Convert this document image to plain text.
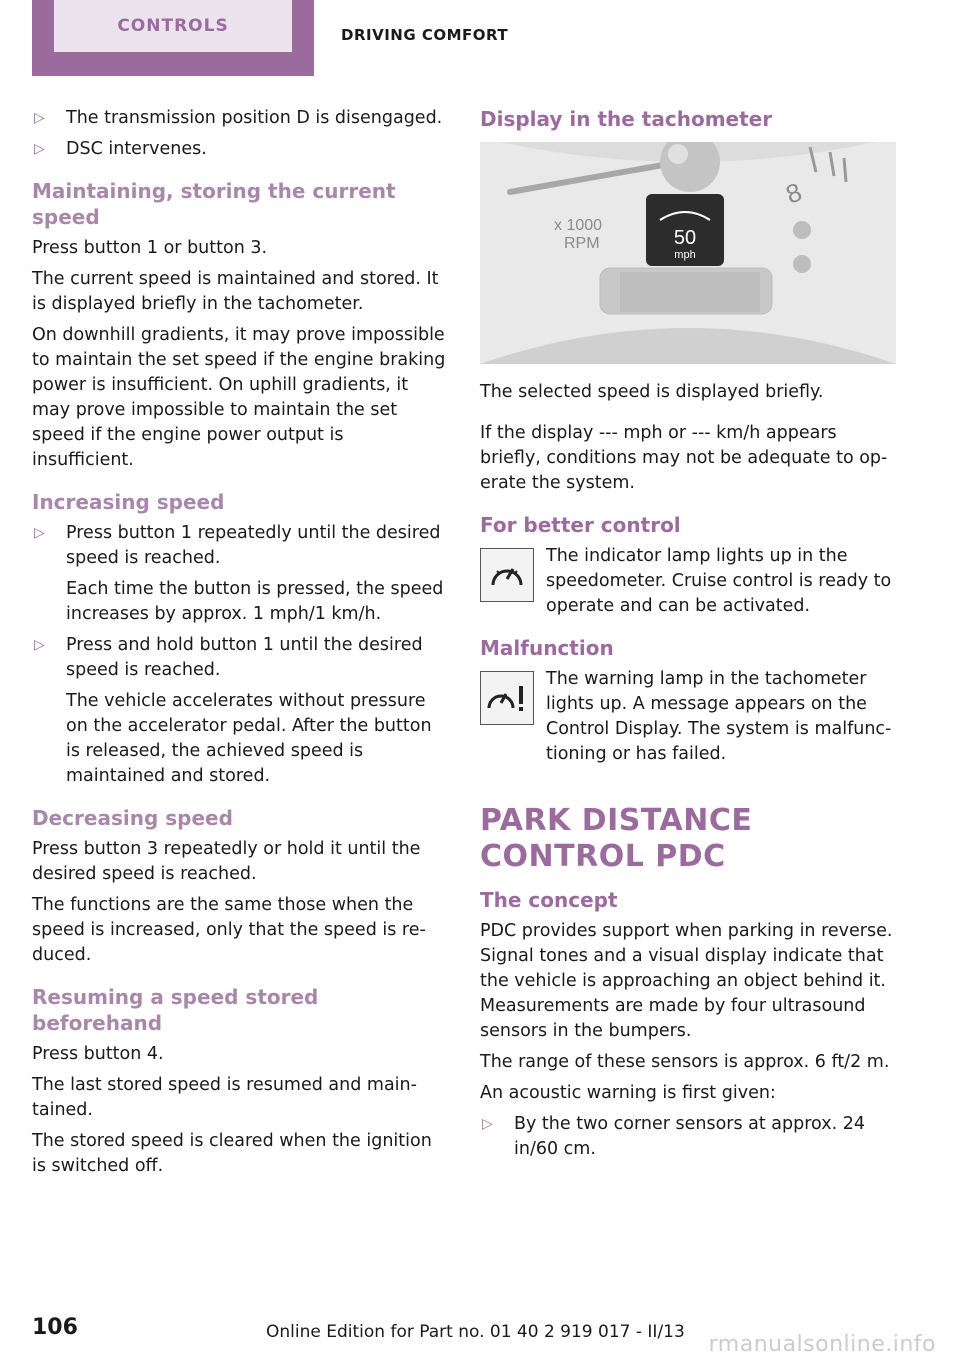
CONTROLS	DRIVING COMFORT
▷ The transmission position D is disengaged.
▷ DSC intervenes.
Maintaining, storing the current speed

Press button 1 or button 3.

The current speed is maintained and stored. It is displayed briefly in the tachometer.

On downhill gradients, it may prove impossible to maintain the set speed if the engine braking power is insufficient. On uphill gradients, it may prove impossible to maintain the set speed if the engine power output is insufficient.

Increasing speed
▷ Press button 1 repeatedly until the desired speed is reached.

Each time the button is pressed, the speed increases by approx. 1 mph/1 km/h.

▷ Press and hold button 1 until the desired speed is reached.

The vehicle accelerates without pressure on the accelerator pedal. After the button is released, the achieved speed is maintained and stored.

Decreasing speed

Press button 3 repeatedly or hold it until the desired speed is reached.

The functions are the same those when the speed is increased, only that the speed is reduced.

Resuming a speed stored beforehand

Press button 4.

The last stored speed is resumed and maintained.

The stored speed is cleared when the ignition is switched off.

Display in the tachometer
8
x 1000
RPM	50
mph

The selected speed is displayed briefly.

If the display --- mph or --- km/h appears briefly, conditions may not be adequate to operate the system.

For better control

The indicator lamp lights up in the speedometer. Cruise control is ready to operate and can be activated.

Malfunction

The warning lamp in the tachometer lights up. A message appears on the Control Display. The system is malfunctioning or has failed.

PARK DISTANCE CONTROL PDC
The concept

PDC provides support when parking in reverse. Signal tones and a visual display indicate that the vehicle is approaching an object behind it. Measurements are made by four ultrasound sensors in the bumpers.

The range of these sensors is approx. 6 ft/2 m.

An acoustic warning is first given:

▷ By the two corner sensors at approx. 24 in/60 cm.
106	Online Edition for Part no. 01 40 2 919 017 - II/13 rmanualsonline.info
